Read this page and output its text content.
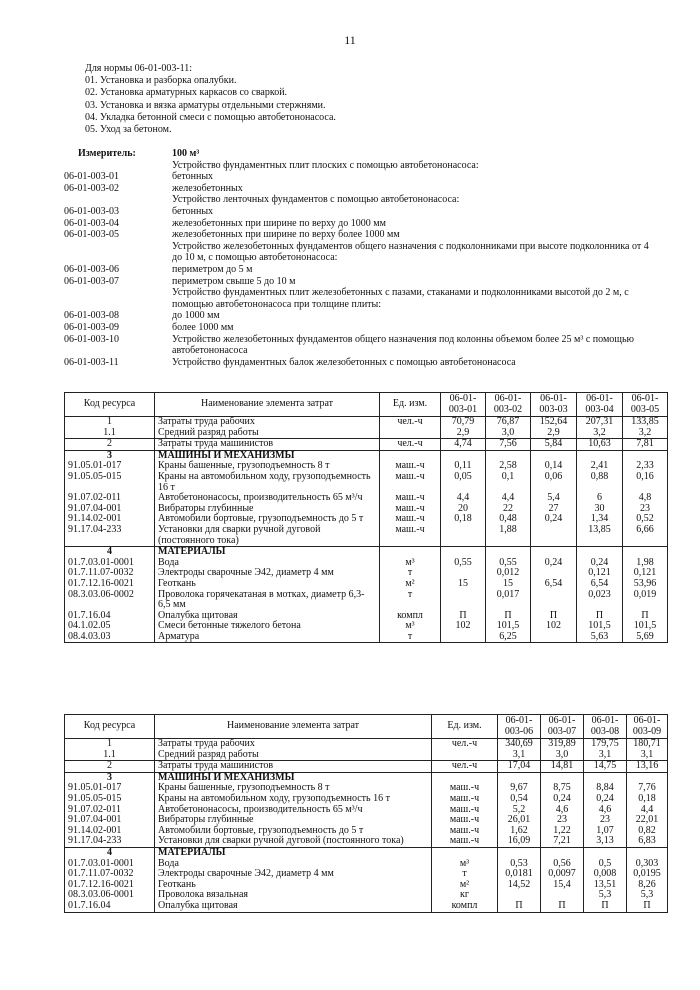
11
Для нормы 06-01-003-11:
01. Установка и разборка опалубки.
02. Установка арматурных каркасов со сваркой.
03. Установка и вязка арматуры отдельными стержнями.
04. Укладка бетонной смеси с помощью автобетононасоса.
05. Уход за бетоном.
Измеритель:	100 м³
	Устройство фундаментных плит плоских с помощью автобетононасоса:
06-01-003-01	бетонных
06-01-003-02	железобетонных
	Устройство ленточных фундаментов с помощью автобетононасоса:
06-01-003-03	бетонных
06-01-003-04	железобетонных при ширине по верху до 1000 мм
06-01-003-05	железобетонных при ширине по верху более 1000 мм
	Устройство железобетонных фундаментов общего назначения с подколонниками при высоте подколонника от 4 до 10 м, с помощью автобетононасоса:
06-01-003-06	периметром до 5 м
06-01-003-07	периметром свыше 5 до 10 м
	Устройство фундаментных плит железобетонных с пазами, стаканами и подколонниками высотой до 2 м, с помощью автобетононасоса при толщине плиты:
06-01-003-08	до 1000 мм
06-01-003-09	более 1000 мм
06-01-003-10	Устройство железобетонных фундаментов общего назначения под колонны объемом более 25 м³ с помощью автобетононасоса
06-01-003-11	Устройство фундаментных балок железобетонных с помощью автобетононасоса
Код ресурса	Наименование элемента затрат	Ед. изм.	06-01-003-01	06-01-003-02	06-01-003-03	06-01-003-04	06-01-003-05
1	Затраты труда рабочих	чел.-ч	70,79	76,87	152,64	207,31	133,85
1.1	Средний разряд работы		2,9	3,0	2,9	3,2	3,2
2	Затраты труда машинистов	чел.-ч	4,74	7,56	5,84	10,63	7,81
3	МАШИНЫ И МЕХАНИЗМЫ						
91.05.01-017	Краны башенные, грузоподъемность 8 т	маш.-ч	0,11	2,58	0,14	2,41	2,33
91.05.05-015	Краны на автомобильном ходу, грузоподъемность 16 т	маш.-ч	0,05	0,1	0,06	0,88	0,16
91.07.02-011	Автобетононасосы, производительность 65 м³/ч	маш.-ч	4,4	4,4	5,4	6	4,8
91.07.04-001	Вибраторы глубинные	маш.-ч	20	22	27	30	23
91.14.02-001	Автомобили бортовые, грузоподъемность до 5 т	маш.-ч	0,18	0,48	0,24	1,34	0,52
91.17.04-233	Установки для сварки ручной дуговой (постоянного тока)	маш.-ч		1,88		13,85	6,66
4	МАТЕРИАЛЫ						
01.7.03.01-0001	Вода	м³	0,55	0,55	0,24	0,24	1,98
01.7.11.07-0032	Электроды сварочные Э42, диаметр 4 мм	т		0,012		0,121	0,121
01.7.12.16-0021	Геоткань	м²	15	15	6,54	6,54	53,96
08.3.03.06-0002	Проволока горячекатаная в мотках, диаметр 6,3-6,5 мм	т		0,017		0,023	0,019
01.7.16.04	Опалубка щитовая	компл	П	П	П	П	П
04.1.02.05	Смеси бетонные тяжелого бетона	м³	102	101,5	102	101,5	101,5
08.4.03.03	Арматура	т		6,25		5,63	5,69
Код ресурса	Наименование элемента затрат	Ед. изм.	06-01-003-06	06-01-003-07	06-01-003-08	06-01-003-09
1	Затраты труда рабочих	чел.-ч	340,69	319,89	179,75	180,71
1.1	Средний разряд работы		3,1	3,0	3,1	3,1
2	Затраты труда машинистов	чел.-ч	17,04	14,81	14,75	13,16
3	МАШИНЫ И МЕХАНИЗМЫ					
91.05.01-017	Краны башенные, грузоподъемность 8 т	маш.-ч	9,67	8,75	8,84	7,76
91.05.05-015	Краны на автомобильном ходу, грузоподъемность 16 т	маш.-ч	0,54	0,24	0,24	0,18
91.07.02-011	Автобетононасосы, производительность 65 м³/ч	маш.-ч	5,2	4,6	4,6	4,4
91.07.04-001	Вибраторы глубинные	маш.-ч	26,01	23	23	22,01
91.14.02-001	Автомобили бортовые, грузоподъемность до 5 т	маш.-ч	1,62	1,22	1,07	0,82
91.17.04-233	Установки для сварки ручной дуговой (постоянного тока)	маш.-ч	16,09	7,21	3,13	6,83
4	МАТЕРИАЛЫ					
01.7.03.01-0001	Вода	м³	0,53	0,56	0,5	0,303
01.7.11.07-0032	Электроды сварочные Э42, диаметр 4 мм	т	0,0181	0,0097	0,008	0,0195
01.7.12.16-0021	Геоткань	м²	14,52	15,4	13,51	8,26
08.3.03.06-0001	Проволока вязальная	кг			5,3	5,3
01.7.16.04	Опалубка щитовая	компл	П	П	П	П
